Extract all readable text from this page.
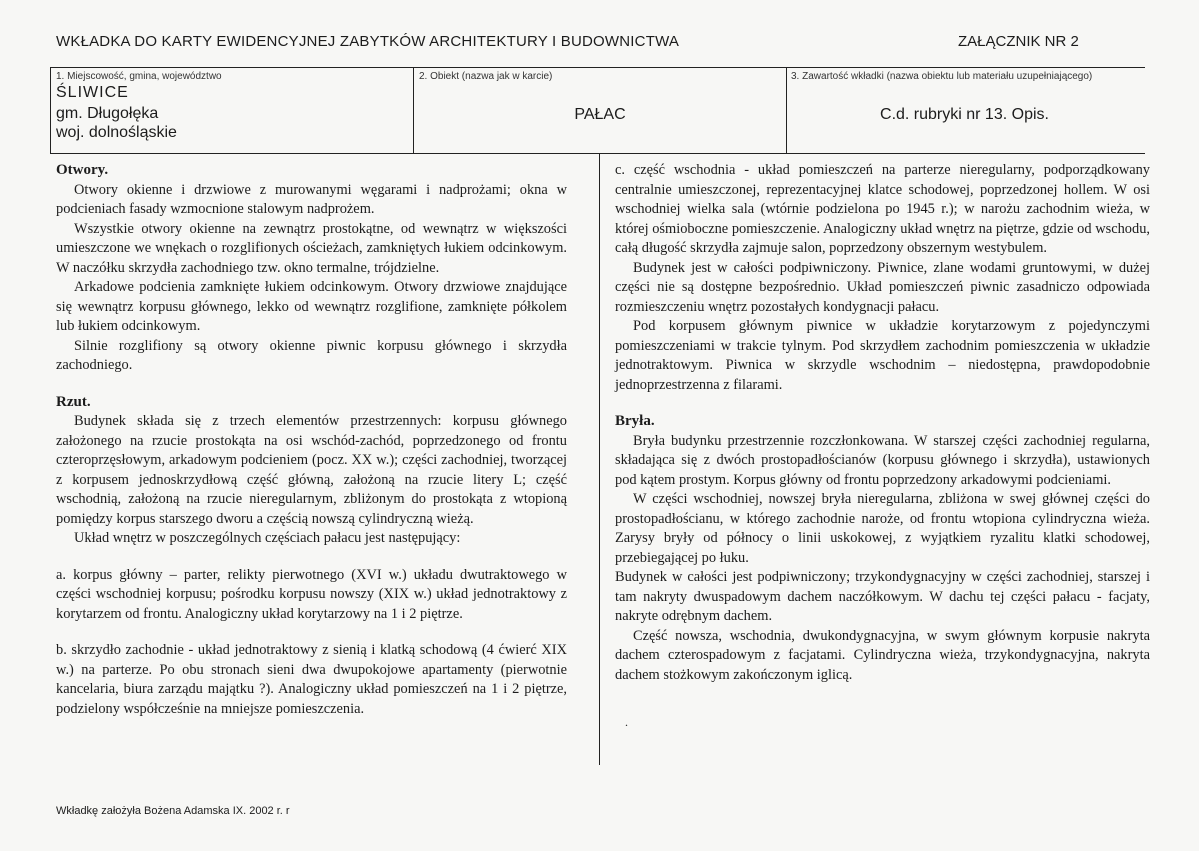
WKŁADKA DO KARTY EWIDENCYJNEJ ZABYTKÓW ARCHITEKTURY I BUDOWNICTWA	ZAŁĄCZNIK NR 2
1. Miejscowość, gmina, województwo
ŚLIWICE
gm. Długołęka
woj. dolnośląskie
2. Obiekt (nazwa jak w karcie)
PAŁAC
3. Zawartość wkładki (nazwa obiektu lub materiału uzupełniającego)
C.d. rubryki nr 13. Opis.

Otwory.

Otwory okienne i drzwiowe z murowanymi węgarami i nadprożami; okna w podcieniach fasady wzmocnione stalowym nadprożem.

Wszystkie otwory okienne na zewnątrz prostokątne, od wewnątrz w większości umieszczone we wnękach o rozglifionych ościeżach, zamkniętych łukiem odcinkowym. W naczółku skrzydła zachodniego tzw. okno termalne, trójdzielne.

Arkadowe podcienia zamknięte łukiem odcinkowym. Otwory drzwiowe znajdujące się wewnątrz korpusu głównego, lekko od wewnątrz rozglifione, zamknięte półkolem lub łukiem odcinkowym.

Silnie rozglifiony są otwory okienne piwnic korpusu głównego i skrzydła zachodniego.

Rzut.

Budynek składa się z trzech elementów przestrzennych: korpusu głównego założonego na rzucie prostokąta na osi wschód-zachód, poprzedzonego od frontu czteroprzęsłowym, arkadowym podcieniem (pocz. XX w.); części zachodniej, tworzącej z korpusem jednoskrzydłową część główną, założoną na rzucie litery L; część wschodnią, założoną na rzucie nieregularnym, zbliżonym do prostokąta z wtopioną pomiędzy korpus starszego dworu a częścią nowszą cylindryczną wieżą.

Układ wnętrz w poszczególnych częściach pałacu jest następujący:

a. korpus główny – parter, relikty pierwotnego (XVI w.) układu dwutraktowego w części wschodniej korpusu; pośrodku korpusu nowszy (XIX w.) układ jednotraktowy z korytarzem od frontu. Analogiczny układ korytarzowy na 1 i 2 piętrze.

b. skrzydło zachodnie - układ jednotraktowy z sienią i klatką schodową (4 ćwierć XIX w.) na parterze. Po obu stronach sieni dwa dwupokojowe apartamenty (pierwotnie kancelaria, biura zarządu majątku ?). Analogiczny układ pomieszczeń na 1 i 2 piętrze, podzielony współcześnie na mniejsze pomieszczenia.

c. część wschodnia - układ pomieszczeń na parterze nieregularny, podporządkowany centralnie umieszczonej, reprezentacyjnej klatce schodowej, poprzedzonej hollem. W osi wschodniej wielka sala (wtórnie podzielona po 1945 r.); w narożu zachodnim wieża, w której ośmioboczne pomieszczenie. Analogiczny układ wnętrz na piętrze, gdzie od wschodu, całą długość skrzydła zajmuje salon, poprzedzony obszernym westybulem.

Budynek jest w całości podpiwniczony. Piwnice, zlane wodami gruntowymi, w dużej części nie są dostępne bezpośrednio. Układ pomieszczeń piwnic zasadniczo odpowiada rozmieszczeniu wnętrz pozostałych kondygnacji pałacu.

Pod korpusem głównym piwnice w układzie korytarzowym z pojedynczymi pomieszczeniami w trakcie tylnym. Pod skrzydłem zachodnim pomieszczenia w układzie jednotraktowym. Piwnica w skrzydle wschodnim – niedostępna, prawdopodobnie jednoprzestrzenna z filarami.

Bryła.

Bryła budynku przestrzennie rozczłonkowana. W starszej części zachodniej regularna, składająca się z dwóch prostopadłościanów (korpusu głównego i skrzydła), ustawionych pod kątem prostym. Korpus główny od frontu poprzedzony arkadowymi podcieniami.

W części wschodniej, nowszej bryła nieregularna, zbliżona w swej głównej części do prostopadłościanu, w którego zachodnie naroże, od frontu wtopiona cylindryczna wieża. Zarysy bryły od północy o linii uskokowej, z wyjątkiem ryzalitu klatki schodowej, przebiegającej po łuku.

Budynek w całości jest podpiwniczony; trzykondygnacyjny w części zachodniej, starszej i tam nakryty dwuspadowym dachem naczółkowym. W dachu tej części pałacu - facjaty, nakryte odrębnym dachem.

Część nowsza, wschodnia, dwukondygnacyjna, w swym głównym korpusie nakryta dachem czterospadowym z facjatami. Cylindryczna wieża, trzykondygnacyjna, nakryta dachem stożkowym zakończonym iglicą.

.
Wkładkę założyła Bożena Adamska IX. 2002 r. r
